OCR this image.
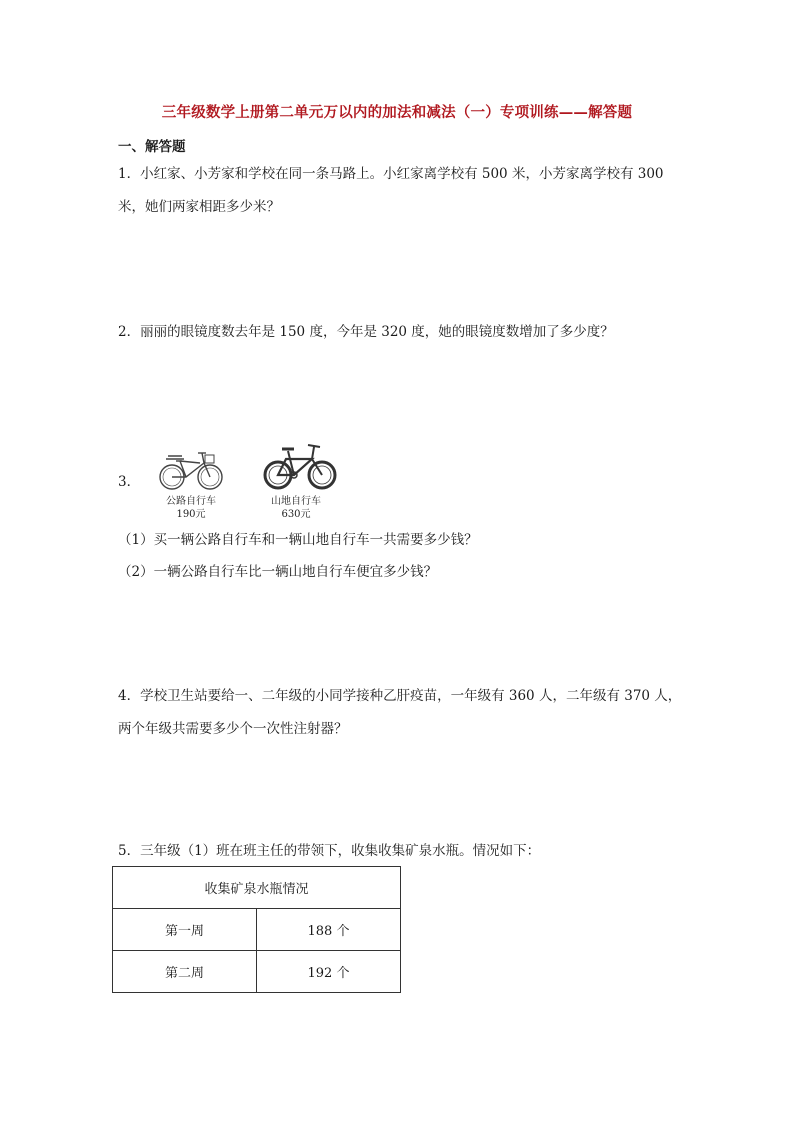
三年级数学上册第二单元万以内的加法和减法（一）专项训练——解答题
一、解答题
1．小红家、小芳家和学校在同一条马路上。小红家离学校有 500 米，小芳家离学校有 300 米，她们两家相距多少米？
2．丽丽的眼镜度数去年是 150 度，今年是 320 度，她的眼镜度数增加了多少度？
3．
公路自行车
190元
山地自行车
630元
（1）买一辆公路自行车和一辆山地自行车一共需要多少钱？
（2）一辆公路自行车比一辆山地自行车便宜多少钱？
4．学校卫生站要给一、二年级的小同学接种乙肝疫苗，一年级有 360 人，二年级有 370 人，两个年级共需要多少个一次性注射器？
5．三年级（1）班在班主任的带领下，收集收集矿泉水瓶。情况如下：
收集矿泉水瓶情况	
第一周	188 个
第二周	192 个
